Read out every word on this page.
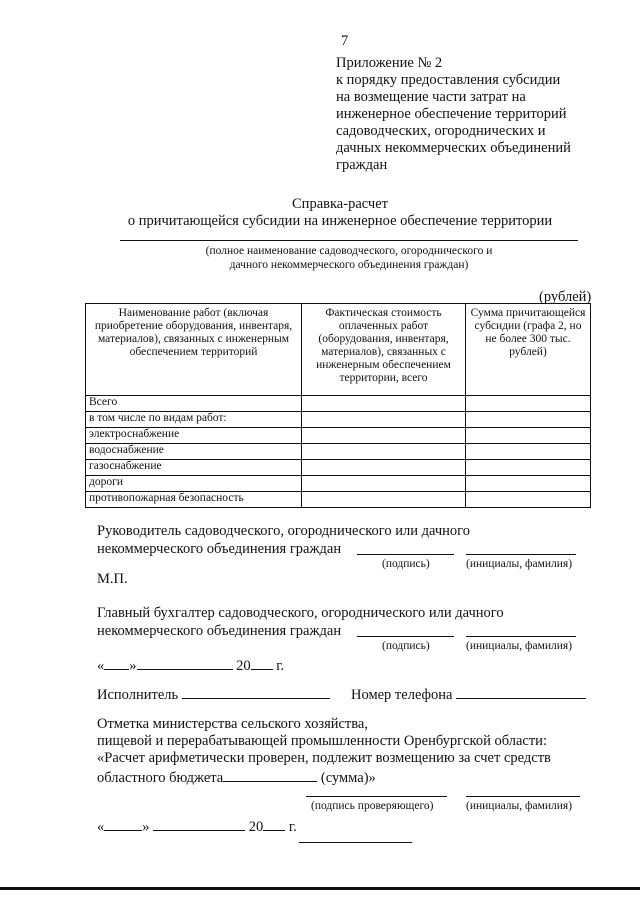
7
Приложение № 2
к порядку предоставления субсидии
на возмещение части затрат на
инженерное обеспечение территорий
садоводческих, огороднических и
дачных некоммерческих объединений
граждан
Справка-расчет
о причитающейся субсидии на инженерное обеспечение территории
(полное наименование садоводческого, огороднического и
дачного некоммерческого объединения граждан)
(рублей)
Наименование работ (включая приобретение оборудования, инвентаря, материалов), связанных с инженерным обеспечением территорий	Фактическая стоимость оплаченных работ (оборудования, инвентаря, материалов), связанных с инженерным обеспечением территории, всего	Сумма причитающейся субсидии (графа 2, но не более 300 тыс. рублей)
Всего		
в том числе по видам работ:		
электроснабжение		
водоснабжение		
газоснабжение		
дороги		
противопожарная безопасность		
Руководитель садоводческого, огороднического или дачного
некоммерческого объединения граждан
(подпись)	(инициалы, фамилия)
М.П.
Главный бухгалтер садоводческого, огороднического или дачного
некоммерческого объединения граждан
(подпись)	(инициалы, фамилия)
« »	20 г.
Исполнитель	Номер телефона
Отметка министерства сельского хозяйства,
пищевой и перерабатывающей промышленности Оренбургской области:
«Расчет арифметически проверен, подлежит возмещению за счет средств
областного бюджета	(сумма)»
(подпись проверяющего)	(инициалы, фамилия)
«	»	20 г.
